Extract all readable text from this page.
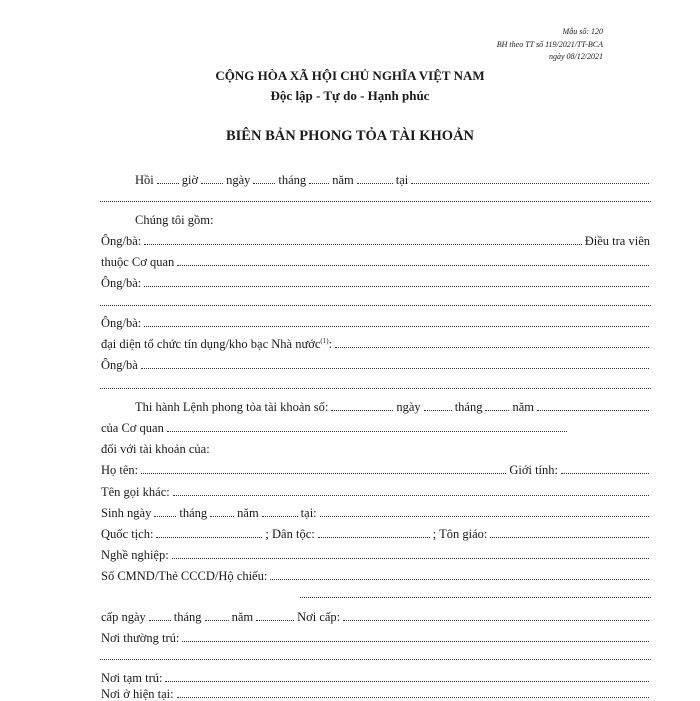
Mẫu số: 120
BH theo TT số 119/2021/TT-BCA
ngày 08/12/2021
CỘNG HÒA XÃ HỘI CHỦ NGHĨA VIỆT NAM
Độc lập - Tự do - Hạnh phúc
BIÊN BẢN PHONG TỎA TÀI KHOẢN
Hồi giờ ngày tháng năm	tại
Chúng tôi gồm:
Ông/bà:	Điều tra viên
thuộc Cơ quan
Ông/bà:
Ông/bà:
đại diện tổ chức tín dụng/kho bạc Nhà nước$^{(1)}$:
Ông/bà
Thi hành Lệnh phong tỏa tài khoản số:	ngày	tháng năm
của Cơ quan
đối với tài khoản của:
Họ tên:	Giới tính:
Tên gọi khác:
Sinh ngày tháng năm	tại:
Quốc tịch:	; Dân tộc:	; Tôn giáo:
Nghề nghiệp:
Số CMND/Thẻ CCCD/Hộ chiếu:
cấp ngày tháng năm	Nơi cấp:
Nơi thường trú:
Nơi tạm trú:
Nơi ở hiện tại:
